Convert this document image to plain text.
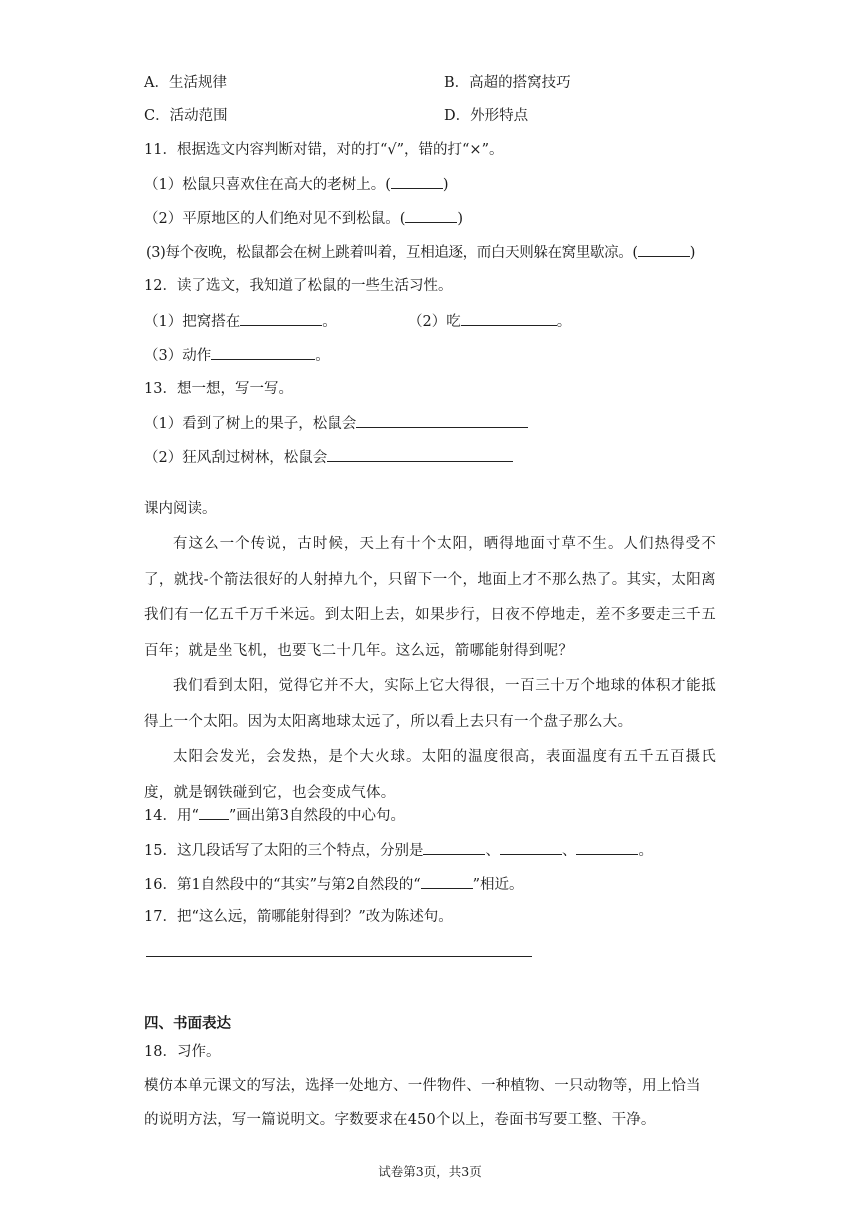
A．生活规律	B．高超的搭窝技巧
C．活动范围	D．外形特点
11．根据选文内容判断对错，对的打“√”，错的打“×”。
（1）松鼠只喜欢住在高大的老树上。(	)
（2）平原地区的人们绝对见不到松鼠。(	)
(3)每个夜晚，松鼠都会在树上跳着叫着，互相追逐，而白天则躲在窝里歇凉。(	)
12．读了选文，我知道了松鼠的一些生活习性。
（1）把窝搭在	。	（2）吃	。
（3）动作	。
13．想一想，写一写。
（1）看到了树上的果子，松鼠会
（2）狂风刮过树林，松鼠会
课内阅读。
有这么一个传说，古时候，天上有十个太阳，晒得地面寸草不生。人们热得受不了，就找-个箭法很好的人射掉九个，只留下一个，地面上才不那么热了。其实，太阳离我们有一亿五千万千米远。到太阳上去，如果步行，日夜不停地走，差不多要走三千五百年；就是坐飞机，也要飞二十几年。这么远，箭哪能射得到呢？
我们看到太阳，觉得它并不大，实际上它大得很，一百三十万个地球的体积才能抵得上一个太阳。因为太阳离地球太远了，所以看上去只有一个盘子那么大。
太阳会发光，会发热，是个大火球。太阳的温度很高，表面温度有五千五百摄氏度，就是钢铁碰到它，也会变成气体。
14．用“ ”画出第3自然段的中心句。
15．这几段话写了太阳的三个特点，分别是	、	、	。
16．第1自然段中的“其实”与第2自然段的“	”相近。
17．把“这么远，箭哪能射得到？”改为陈述句。
四、书面表达
18．习作。
模仿本单元课文的写法，选择一处地方、一件物件、一种植物、一只动物等，用上恰当
的说明方法，写一篇说明文。字数要求在450个以上，卷面书写要工整、干净。
试卷第3页，共3页
